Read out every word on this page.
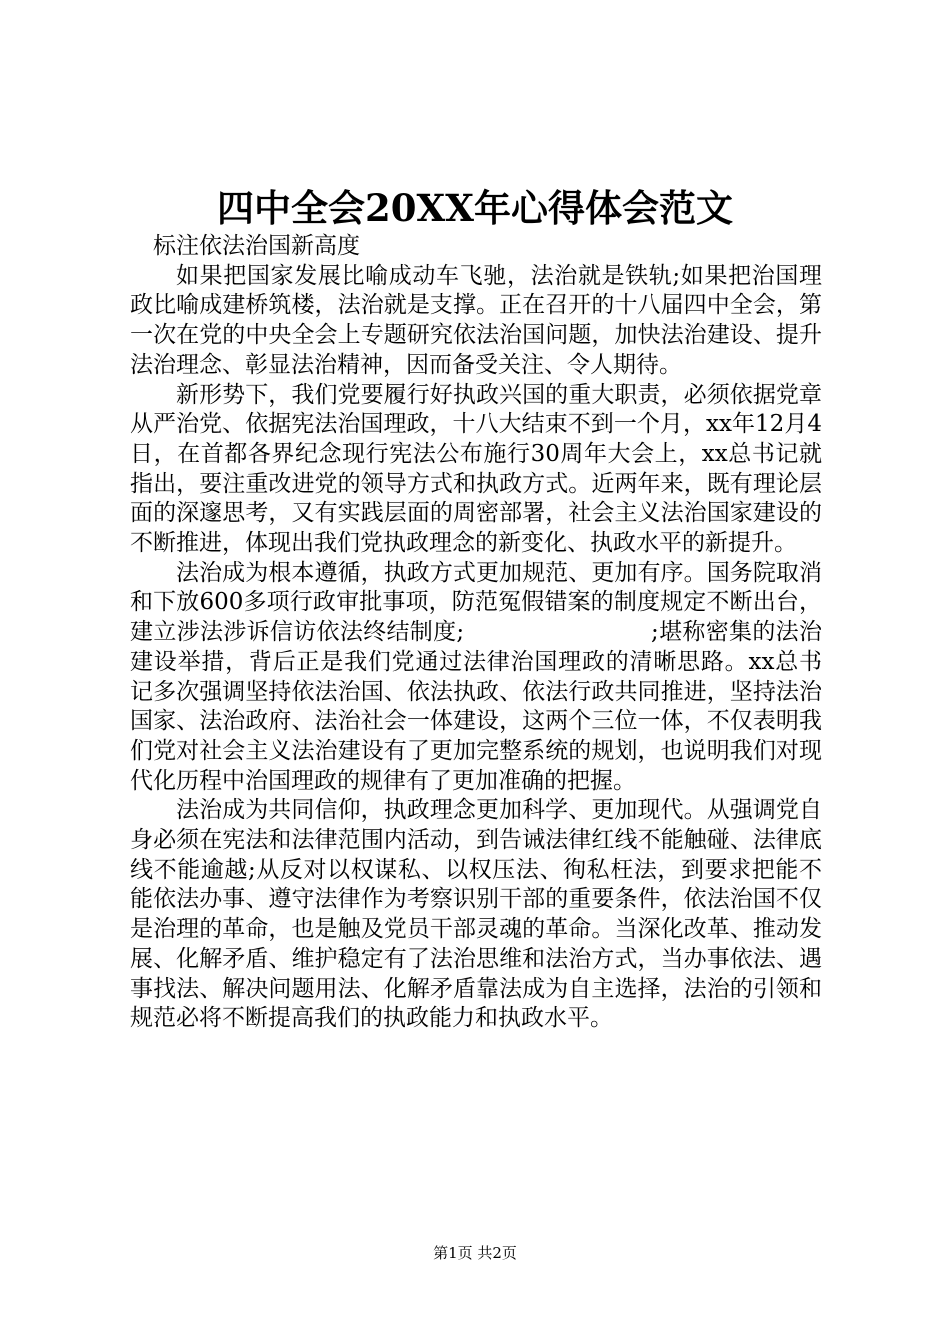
四中全会20XX年心得体会范文

标注依法治国新高度

如果把国家发展比喻成动车飞驰，法治就是铁轨;如果把治国理政比喻成建桥筑楼，法治就是支撑。正在召开的十八届四中全会，第一次在党的中央全会上专题研究依法治国问题，加快法治建设、提升法治理念、彰显法治精神，因而备受关注、令人期待。

新形势下，我们党要履行好执政兴国的重大职责，必须依据党章从严治党、依据宪法治国理政，十八大结束不到一个月，xx年12月4日，在首都各界纪念现行宪法公布施行30周年大会上，xx总书记就指出，要注重改进党的领导方式和执政方式。近两年来，既有理论层面的深邃思考，又有实践层面的周密部署，社会主义法治国家建设的不断推进，体现出我们党执政理念的新变化、执政水平的新提升。

法治成为根本遵循，执政方式更加规范、更加有序。国务院取消和下放600多项行政审批事项，防范冤假错案的制度规定不断出台，建立涉法涉诉信访依法终结制度;　　　　　　　　;堪称密集的法治建设举措，背后正是我们党通过法律治国理政的清晰思路。xx总书记多次强调坚持依法治国、依法执政、依法行政共同推进，坚持法治国家、法治政府、法治社会一体建设，这两个三位一体，不仅表明我们党对社会主义法治建设有了更加完整系统的规划，也说明我们对现代化历程中治国理政的规律有了更加准确的把握。

法治成为共同信仰，执政理念更加科学、更加现代。从强调党自身必须在宪法和法律范围内活动，到告诫法律红线不能触碰、法律底线不能逾越;从反对以权谋私、以权压法、徇私枉法，到要求把能不能依法办事、遵守法律作为考察识别干部的重要条件，依法治国不仅是治理的革命，也是触及党员干部灵魂的革命。当深化改革、推动发展、化解矛盾、维护稳定有了法治思维和法治方式，当办事依法、遇事找法、解决问题用法、化解矛盾靠法成为自主选择，法治的引领和规范必将不断提高我们的执政能力和执政水平。

第1页 共2页
